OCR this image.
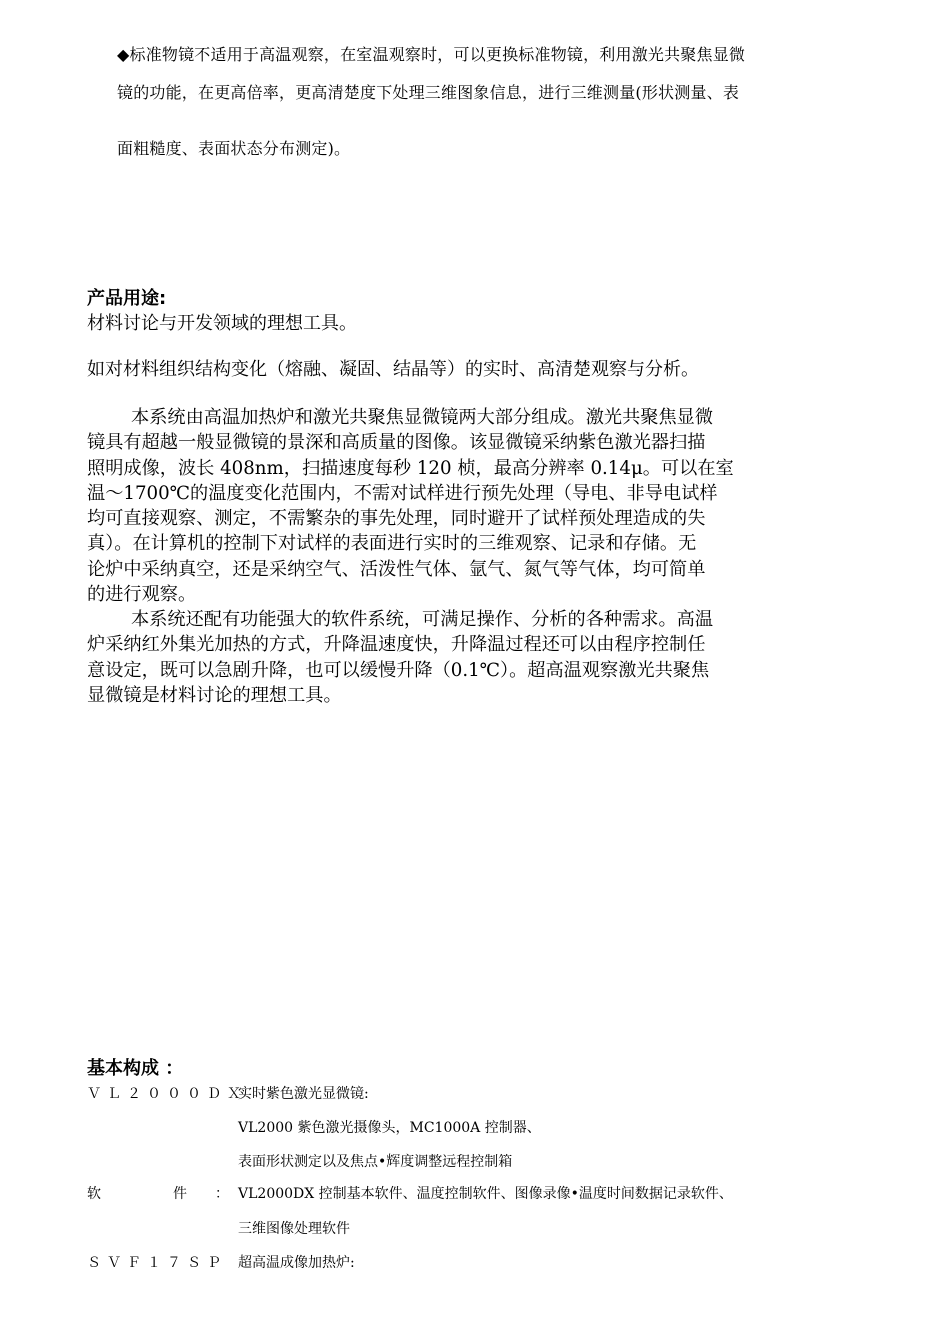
◆标准物镜不适用于高温观察，在室温观察时，可以更换标准物镜，利用激光共聚焦显微
镜的功能，在更高倍率，更高清楚度下处理三维图象信息，进行三维测量(形状测量、表
面粗糙度、表面状态分布测定)。
产品用途:
材料讨论与开发领域的理想工具。
如对材料组织结构变化（熔融、凝固、结晶等）的实时、高清楚观察与分析。
本系统由高温加热炉和激光共聚焦显微镜两大部分组成。激光共聚焦显微
镜具有超越一般显微镜的景深和高质量的图像。该显微镜采纳紫色激光器扫描
照明成像，波长 408nm，扫描速度每秒 120 桢，最高分辨率 0.14μ。可以在室
温～1700℃的温度变化范围内，不需对试样进行预先处理（导电、非导电试样
均可直接观察、测定，不需繁杂的事先处理，同时避开了试样预处理造成的失
真）。在计算机的控制下对试样的表面进行实时的三维观察、记录和存储。无
论炉中采纳真空，还是采纳空气、活泼性气体、氩气、氮气等气体，均可简单
的进行观察。
本系统还配有功能强大的软件系统，可满足操作、分析的各种需求。高温
炉采纳红外集光加热的方式，升降温速度快，升降温过程还可以由程序控制任
意设定，既可以急剧升降，也可以缓慢升降（0.1℃）。超高温观察激光共聚焦
显微镜是材料讨论的理想工具。
基本构成 ：
ＶＬ２０００ＤＸ
实时紫色激光显微镜:
VL2000 紫色激光摄像头，MC1000A 控制器、
表面形状测定以及焦点•辉度调整远程控制箱
软	件 ： VL2000DX 控制基本软件、温度控制软件、图像录像•温度时间数据记录软件、
三维图像处理软件
ＳＶＦ１７ＳＰ 超高温成像加热炉:
